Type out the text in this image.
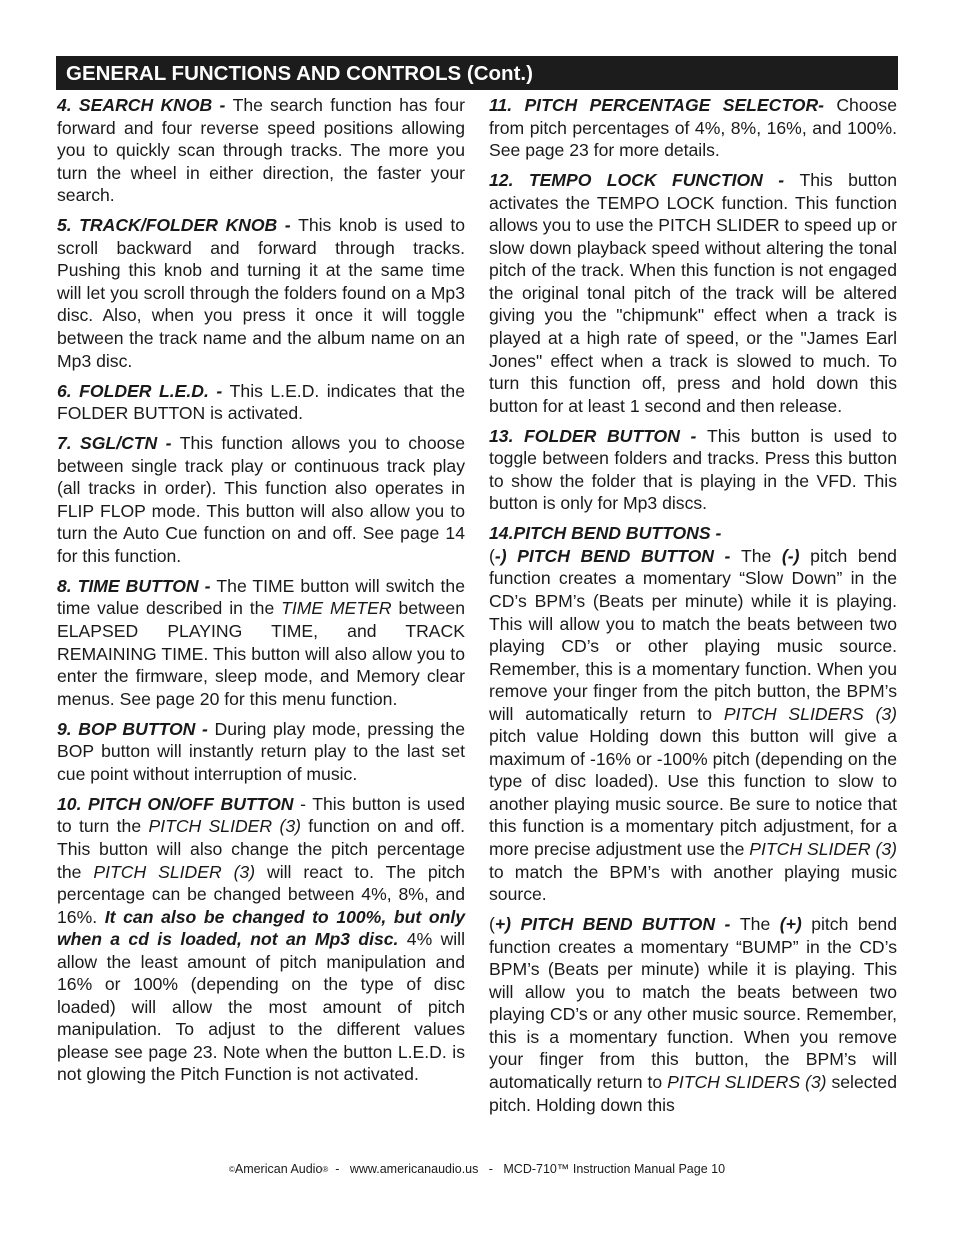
GENERAL FUNCTIONS AND CONTROLS (Cont.)

4. SEARCH KNOB - The search function has four forward and four reverse speed positions allowing you to quickly scan through tracks. The more you turn the wheel in either direction, the faster your search.

5. TRACK/FOLDER KNOB - This knob is used to scroll backward and forward through tracks. Pushing this knob and turning it at the same time will let you scroll through the folders found on a Mp3 disc. Also, when you press it once it will toggle between the track name and the album name on an Mp3 disc.

6. FOLDER L.E.D. - This L.E.D. indicates that the FOLDER BUTTON is activated.

7. SGL/CTN - This function allows you to choose between single track play or continuous track play (all tracks in order). This function also operates in FLIP FLOP mode. This button will also allow you to turn the Auto Cue function on and off. See page 14 for this function.

8. TIME BUTTON - The TIME button will switch the time value described in the TIME METER between ELAPSED PLAYING TIME, and TRACK REMAINING TIME. This button will also allow you to enter the firmware, sleep mode, and Memory clear menus. See page 20 for this menu function.

9. BOP BUTTON - During play mode, pressing the BOP button will instantly return play to the last set cue point without interruption of music.

10. PITCH ON/OFF BUTTON - This button is used to turn the PITCH SLIDER (3) function on and off. This button will also change the pitch percentage the PITCH SLIDER (3) will react to. The pitch percentage can be changed between 4%, 8%, and 16%. It can also be changed to 100%, but only when a cd is loaded, not an Mp3 disc. 4% will allow the least amount of pitch manipulation and 16% or 100% (depending on the type of disc loaded) will allow the most amount of pitch manipulation. To adjust to the different values please see page 23. Note when the button L.E.D. is not glowing the Pitch Function is not activated.

11. PITCH PERCENTAGE SELECTOR- Choose from pitch percentages of 4%, 8%, 16%, and 100%. See page 23 for more details.

12. TEMPO LOCK FUNCTION - This button activates the TEMPO LOCK function. This function allows you to use the PITCH SLIDER to speed up or slow down playback speed without altering the tonal pitch of the track. When this function is not engaged the original tonal pitch of the track will be altered giving you the "chipmunk" effect when a track is played at a high rate of speed, or the "James Earl Jones" effect when a track is slowed to much. To turn this function off, press and hold down this button for at least 1 second and then release.

13. FOLDER BUTTON - This button is used to toggle between folders and tracks. Press this button to show the folder that is playing in the VFD. This button is only for Mp3 discs.

14.PITCH BEND BUTTONS -
(-) PITCH BEND BUTTON - The (-) pitch bend function creates a momentary “Slow Down” in the CD’s BPM’s (Beats per minute) while it is playing. This will allow you to match the beats between two playing CD’s or other playing music source. Remember, this is a momentary function. When you remove your finger from the pitch button, the BPM’s will automatically return to PITCH SLIDERS (3) pitch value Holding down this button will give a maximum of -16% or -100% pitch (depending on the type of disc loaded). Use this function to slow to another playing music source. Be sure to notice that this function is a momentary pitch adjustment, for a more precise adjustment use the PITCH SLIDER (3) to match the BPM’s with another playing music source.

(+) PITCH BEND BUTTON - The (+) pitch bend function creates a momentary “BUMP” in the CD’s BPM’s (Beats per minute) while it is playing. This will allow you to match the beats between two playing CD’s or any other music source. Remember, this is a momentary function. When you remove your finger from this button, the BPM’s will automatically return to PITCH SLIDERS (3) selected pitch. Holding down this

©American Audio®  -   www.americanaudio.us   -   MCD-710™ Instruction Manual Page 10
